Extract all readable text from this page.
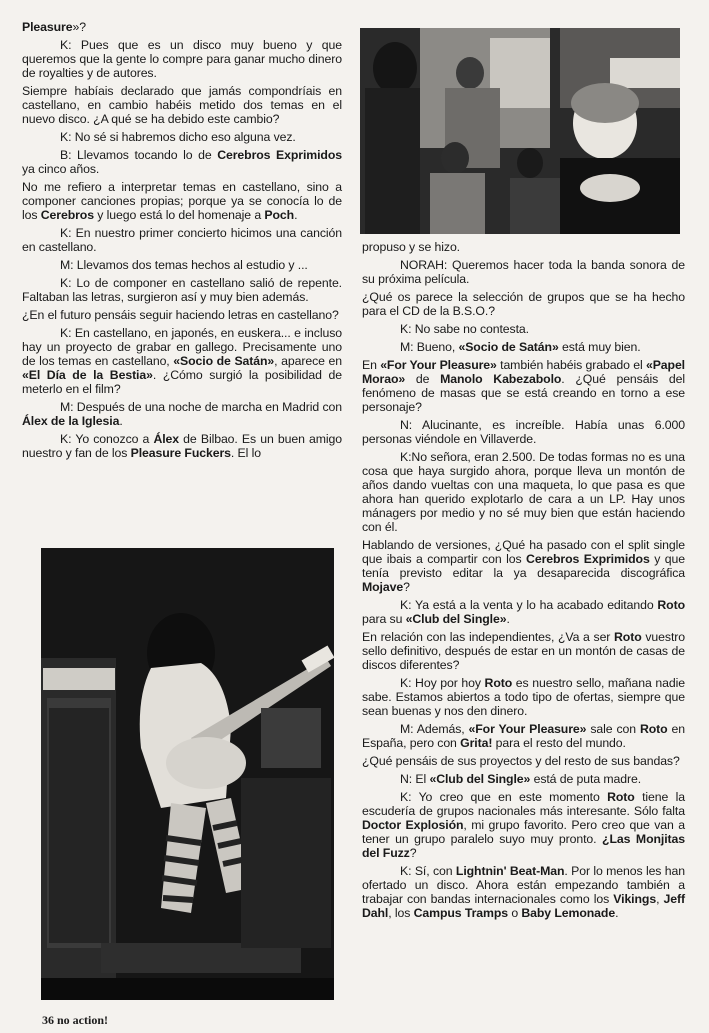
Pleasure»?

K: Pues que es un disco muy bueno y que queremos que la gente lo compre para ganar mucho dinero de royalties y de autores.

Siempre habíais declarado que jamás compondríais en castellano, en cambio habéis metido dos temas en el nuevo disco. ¿A qué se ha debido este cambio?

K: No sé si habremos dicho eso alguna vez.

B: Llevamos tocando lo de Cerebros Exprimidos ya cinco años.

No me refiero a interpretar temas en castellano, sino a componer canciones propias; porque ya se conocía lo de los Cerebros y luego está lo del homenaje a Poch.

K: En nuestro primer concierto hicimos una canción en castellano.

M: Llevamos dos temas hechos al estudio y ...

K: Lo de componer en castellano salió de repente. Faltaban las letras, surgieron así y muy bien además.

¿En el futuro pensáis seguir haciendo letras en castellano?

K: En castellano, en japonés, en euskera... e incluso hay un proyecto de grabar en gallego. Precisamente uno de los temas en castellano, «Socio de Satán», aparece en «El Día de la Bestia». ¿Cómo surgió la posibilidad de meterlo en el film?

M: Después de una noche de marcha en Madrid con Álex de la Iglesia.

K: Yo conozco a Álex de Bilbao. Es un buen amigo nuestro y fan de los Pleasure Fuckers. El lo

propuso y se hizo.

NORAH: Queremos hacer toda la banda sonora de su próxima película.

¿Qué os parece la selección de grupos que se ha hecho para el CD de la B.S.O.?

K: No sabe no contesta.

M: Bueno, «Socio de Satán» está muy bien.

En «For Your Pleasure» también habéis grabado el «Papel Morao» de Manolo Kabezabolo. ¿Qué pensáis del fenómeno de masas que se está creando en torno a ese personaje?

N: Alucinante, es increíble. Había unas 6.000 personas viéndole en Villaverde.

K:No señora, eran 2.500. De todas formas no es una cosa que haya surgido ahora, porque lleva un montón de años dando vueltas con una maqueta, lo que pasa es que ahora han querido explotarlo de cara a un LP. Hay unos mánagers por medio y no sé muy bien que están haciendo con él.

Hablando de versiones, ¿Qué ha pasado con el split single que ibais a compartir con los Cerebros Exprimidos y que tenía previsto editar la ya desaparecida discográfica Mojave?

K: Ya está a la venta y lo ha acabado editando Roto para su «Club del Single».

En relación con las independientes, ¿Va a ser Roto vuestro sello definitivo, después de estar en un montón de casas de discos diferentes?

K: Hoy por hoy Roto es nuestro sello, mañana nadie sabe. Estamos abiertos a todo tipo de ofertas, siempre que sean buenas y nos den dinero.

M: Además, «For Your Pleasure» sale con Roto en España, pero con Grita! para el resto del mundo.

¿Qué pensáis de sus proyectos y del resto de sus bandas?

N: El «Club del Single» está de puta madre.

K: Yo creo que en este momento Roto tiene la escudería de grupos nacionales más interesante. Sólo falta Doctor Explosión, mi grupo favorito. Pero creo que van a tener un grupo paralelo suyo muy pronto. ¿Las Monjitas del Fuzz?

K: Sí, con Lightnin' Beat-Man. Por lo menos les han ofertado un disco. Ahora están empezando también a trabajar con bandas internacionales como los Vikings, Jeff Dahl, los Campus Tramps o Baby Lemonade.

36 no action!
